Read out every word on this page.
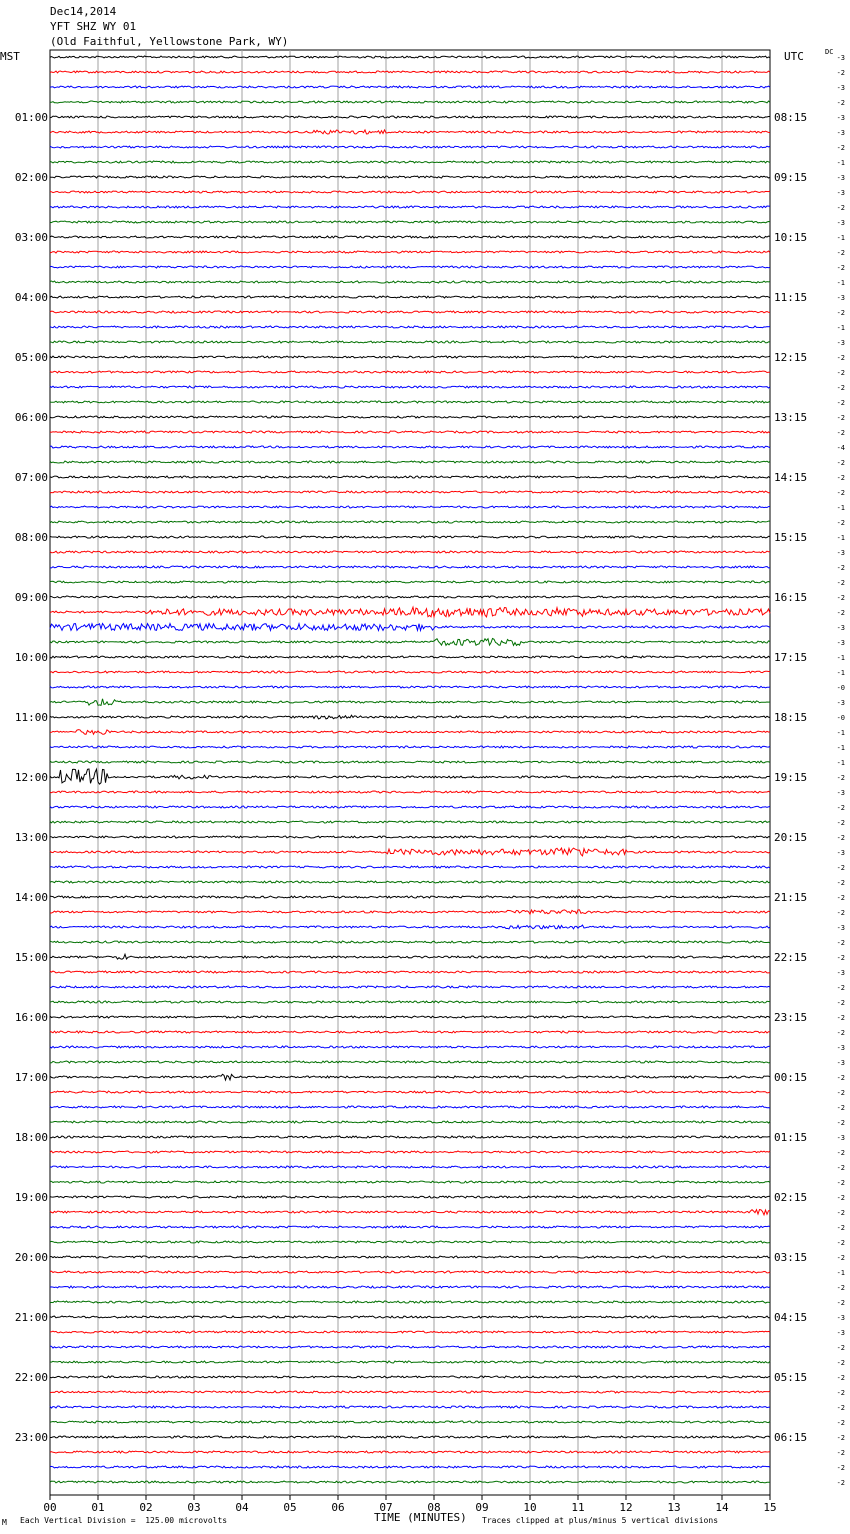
Dec14,2014
YFT SHZ WY 01
(Old Faithful, Yellowstone Park, WY)
MST	UTC	DC
-3
-2
-3
-2
-3
-3
-2
-1
-3
-3
-2
-3
-1
-2
-2
-1
-3
-2
-1
-3
-2
-2
-2
-2
-2
-2
-4
-2
-2
-2
-1
-2
-1
-3
-2
-2
-2
-2
-3
-3
-1
-1
-0
-3
-0
-1
-1
-1
-2
-3
-2
-2
-2
-3
-2
-2
-2
-2
-3
-2
-2
-3
-2
-2
-2
-2
-3
-3
-2
-2
-2
-2
-3
-2
-2
-2
-2
-2
-2
-2
-2
-1
-2
-2
-3
-3
-2
-2
-2
-2
-2
-2
-2
-2
-2
-2
01:00
02:00
03:00
04:00
05:00
06:00
07:00
08:00
09:00
10:00
11:00
12:00
13:00
14:00
15:00
16:00
17:00
18:00
19:00
20:00
21:00
22:00
23:00
08:15
09:15
10:15
11:15
12:15
13:15
14:15
15:15
16:15
17:15
18:15
19:15
20:15
21:15
22:15
23:15
00:15
01:15
02:15
03:15
04:15
05:15
06:15
00	01	02	03	04	05	06	07	08	09	10	11	12	13	14	15
M Each Vertical Division =  125.00 microvolts	TIME (MINUTES) Traces clipped at plus/minus 5 vertical divisions
